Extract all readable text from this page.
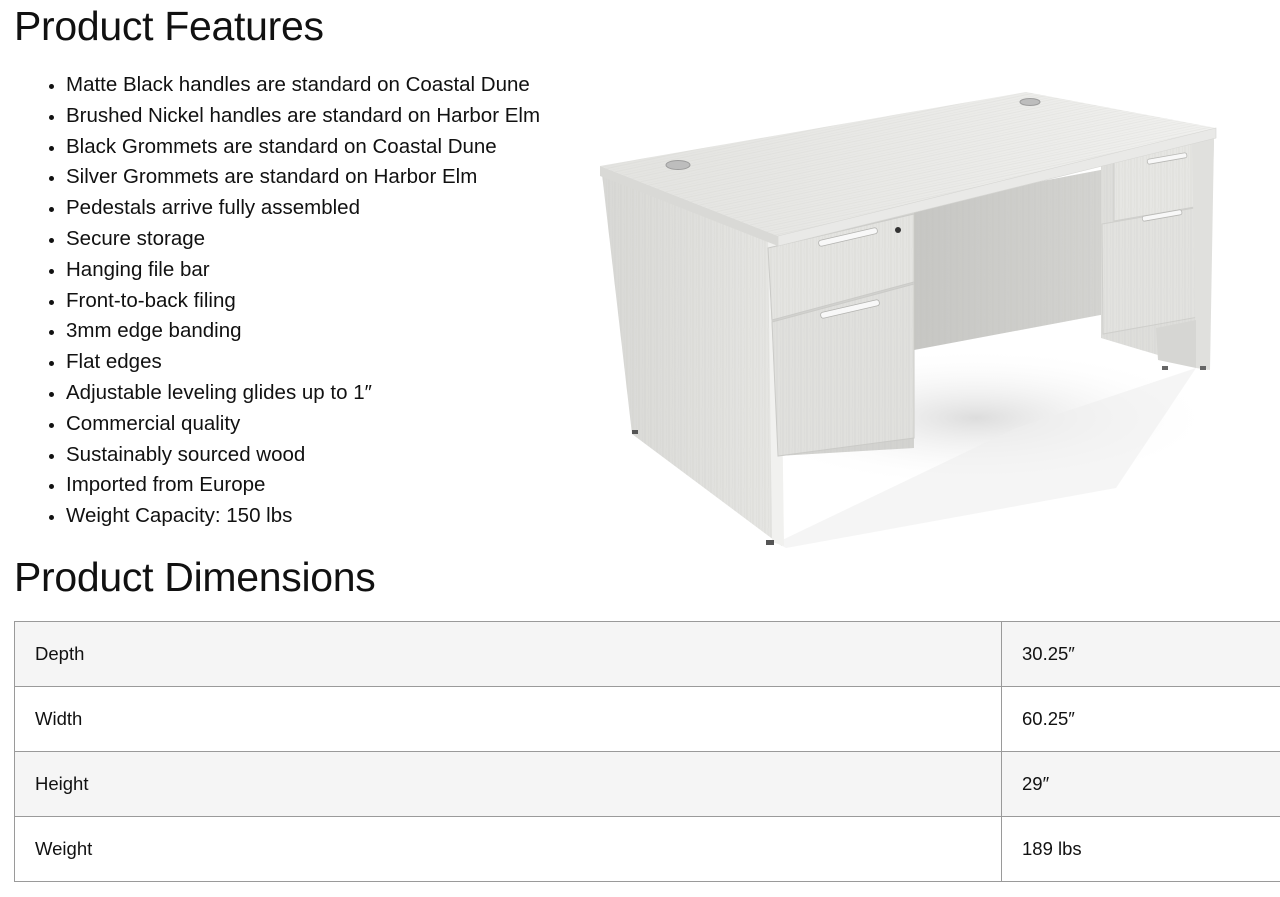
Product Features
• Matte Black handles are standard on Coastal Dune
• Brushed Nickel handles are standard on Harbor Elm
• Black Grommets are standard on Coastal Dune
• Silver Grommets are standard on Harbor Elm
• Pedestals arrive fully assembled
• Secure storage
• Hanging file bar
• Front-to-back filing
• 3mm edge banding
• Flat edges
• Adjustable leveling glides up to 1″
• Commercial quality
• Sustainably sourced wood
• Imported from Europe
• Weight Capacity: 150 lbs
Product Dimensions
Depth	30.25″
Width	60.25″
Height	29″
Weight	189 lbs
